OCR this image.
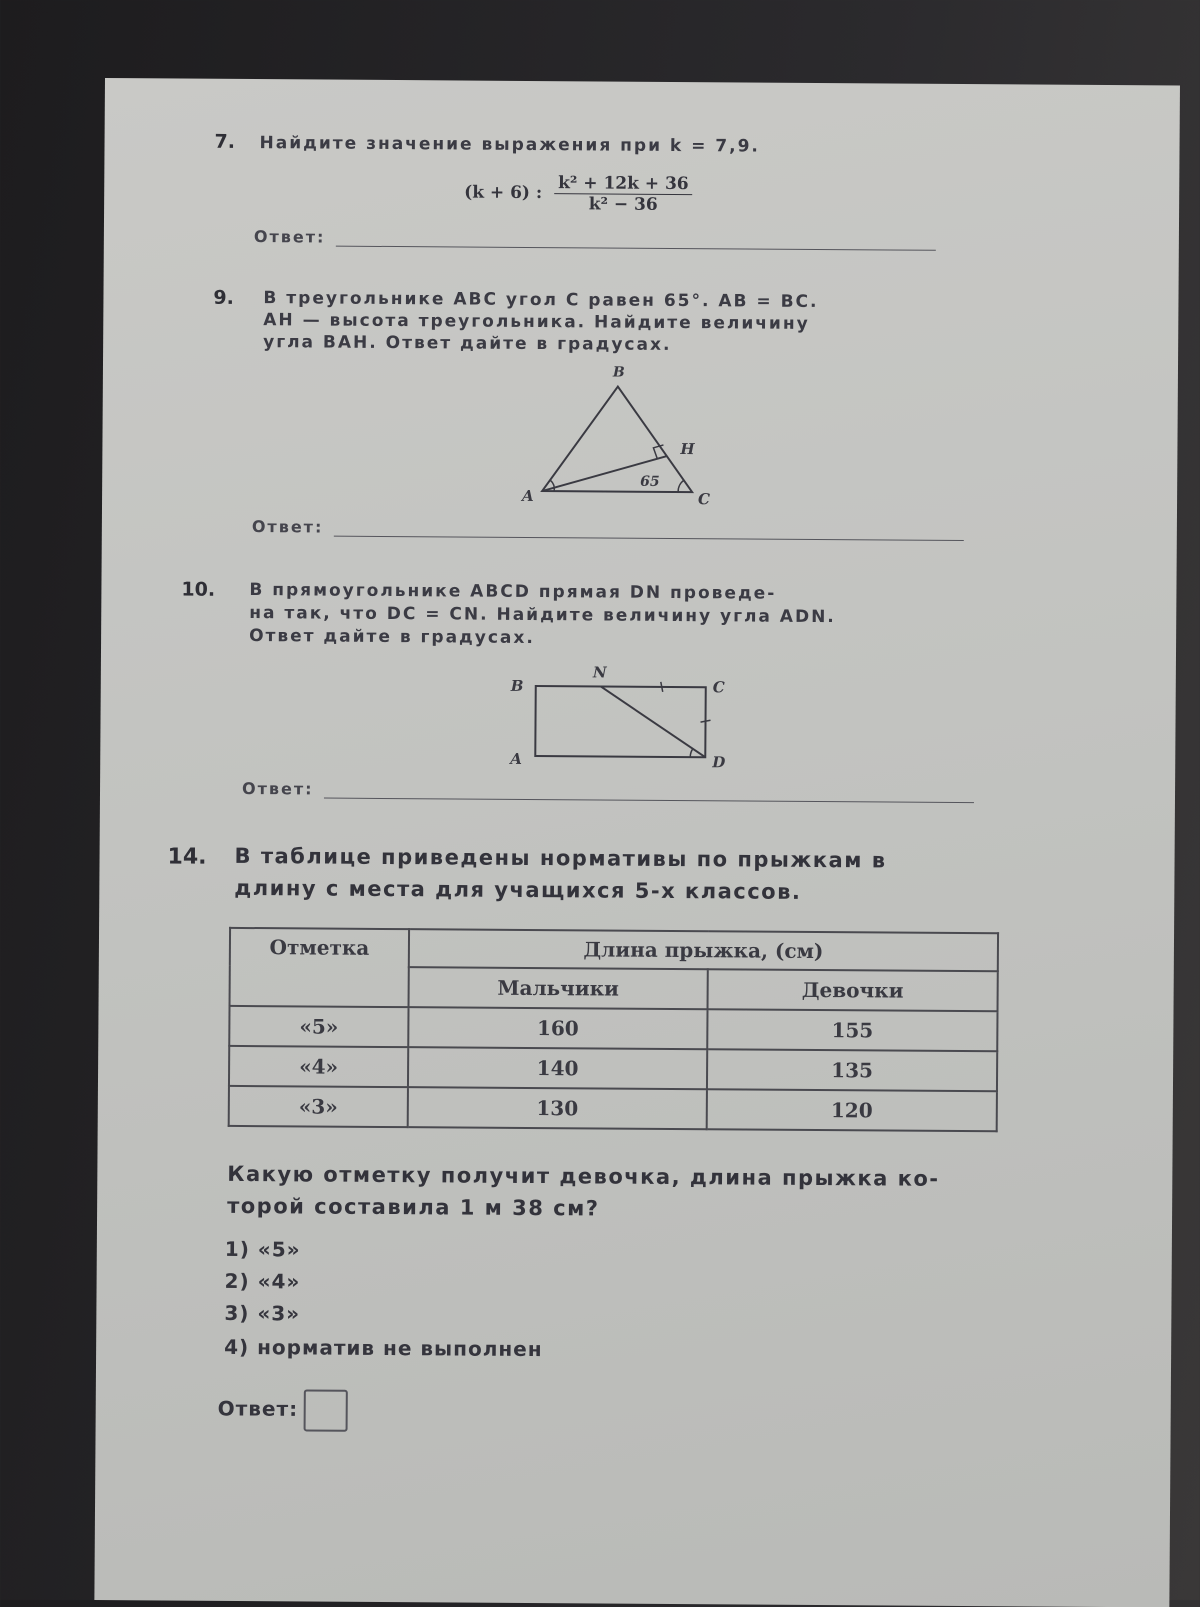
7. Найдите значение выражения при k = 7,9.
(k + 6) : $\frac{\text{k² + 12k + 36}}{\text{k² − 36}}$
Ответ:
9. В треугольнике ABC угол C равен 65°. AB = BC.
AH — высота треугольника. Найдите величину
угла BAH. Ответ дайте в градусах.
B
H
A	C
65
Ответ:
10. В прямоугольнике ABCD прямая DN проведе-
на так, что DC = CN. Найдите величину угла ADN.
Ответ дайте в градусах.
B
N
C
A	D
Ответ:
14. В таблице приведены нормативы по прыжкам в
длину с места для учащихся 5-х классов.
Отметка	Длина прыжка, (см)	
	Мальчики	Девочки
«5»	160	155
«4»	140	135
«3»	130	120
Какую отметку получит девочка, длина прыжка ко-
торой составила 1 м 38 см?
1) «5»
2) «4»
3) «3»
4) норматив не выполнен
Ответ:
